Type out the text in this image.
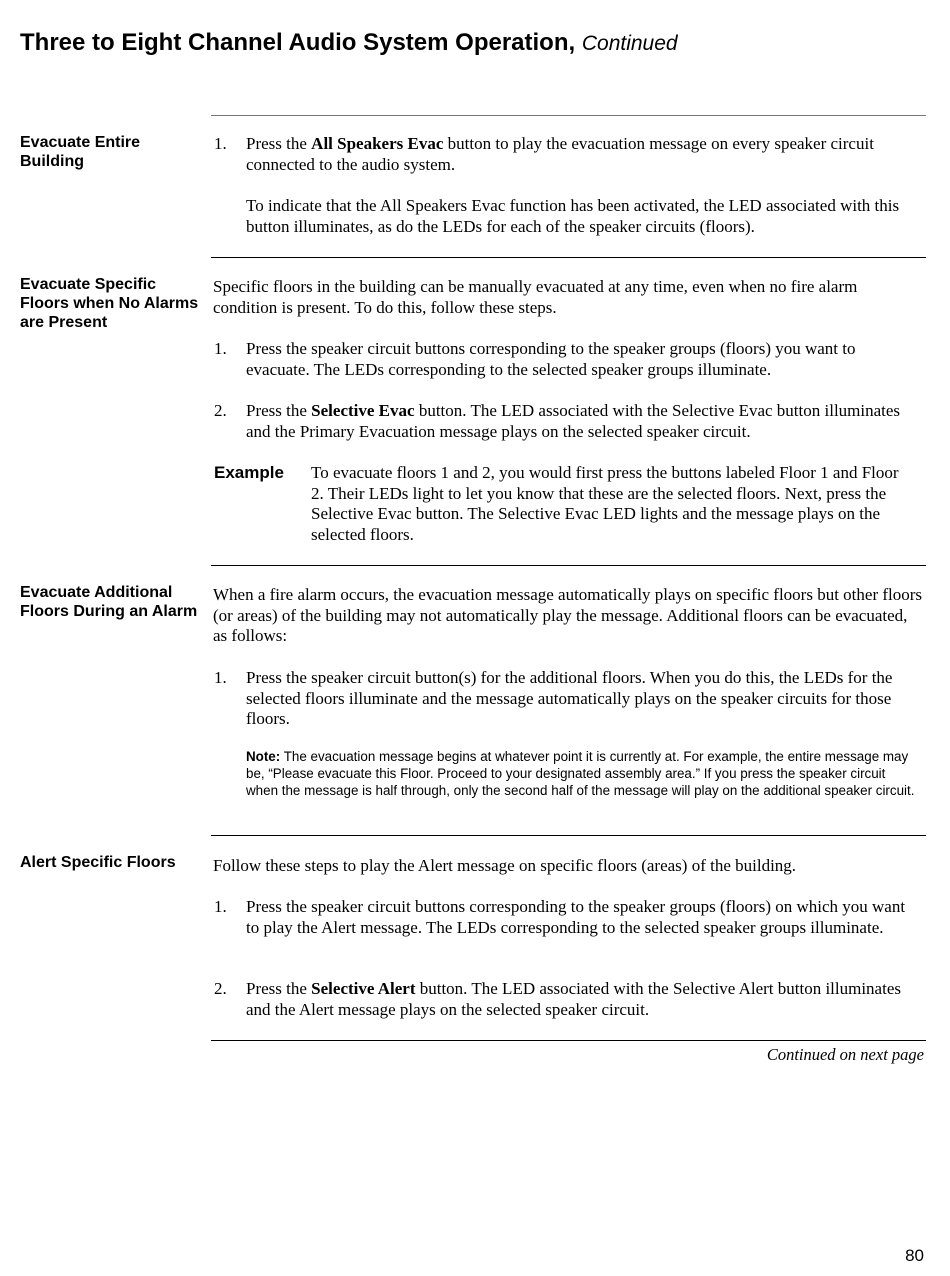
Three to Eight Channel Audio System Operation, Continued
Evacuate Entire Building
1.	Press the All Speakers Evac button to play the evacuation message on every speaker circuit connected to the audio system.

To indicate that the All Speakers Evac function has been activated, the LED associated with this button illuminates, as do the LEDs for each of the speaker circuits (floors).

Evacuate Specific Floors when No Alarms are Present

Specific floors in the building can be manually evacuated at any time, even when no fire alarm condition is present. To do this, follow these steps.

1.	Press the speaker circuit buttons corresponding to the speaker groups (floors) you want to evacuate. The LEDs corresponding to the selected speaker groups illuminate.

2.	Press the Selective Evac button. The LED associated with the Selective Evac button illuminates and the Primary Evacuation message plays on the selected speaker circuit.

Example To evacuate floors 1 and 2, you would first press the buttons labeled Floor 1 and Floor 2. Their LEDs light to let you know that these are the selected floors. Next, press the Selective Evac button. The Selective Evac LED lights and the message plays on the selected floors.

Evacuate Additional Floors During an Alarm

When a fire alarm occurs, the evacuation message automatically plays on specific floors but other floors (or areas) of the building may not automatically play the message. Additional floors can be evacuated, as follows:

1.	Press the speaker circuit button(s) for the additional floors. When you do this, the LEDs for the selected floors illuminate and the message automatically plays on the speaker circuits for those floors.

Note: The evacuation message begins at whatever point it is currently at. For example, the entire message may be, “Please evacuate this Floor. Proceed to your designated assembly area.” If you press the speaker circuit when the message is half through, only the second half of the message will play on the additional speaker circuit.

Alert Specific Floors	Follow these steps to play the Alert message on specific floors (areas) of the building.

1.	Press the speaker circuit buttons corresponding to the speaker groups (floors) on which you want to play the Alert message. The LEDs corresponding to the selected speaker groups illuminate.

2.	Press the Selective Alert button. The LED associated with the Selective Alert button illuminates and the Alert message plays on the selected speaker circuit.

Continued on next page

80
